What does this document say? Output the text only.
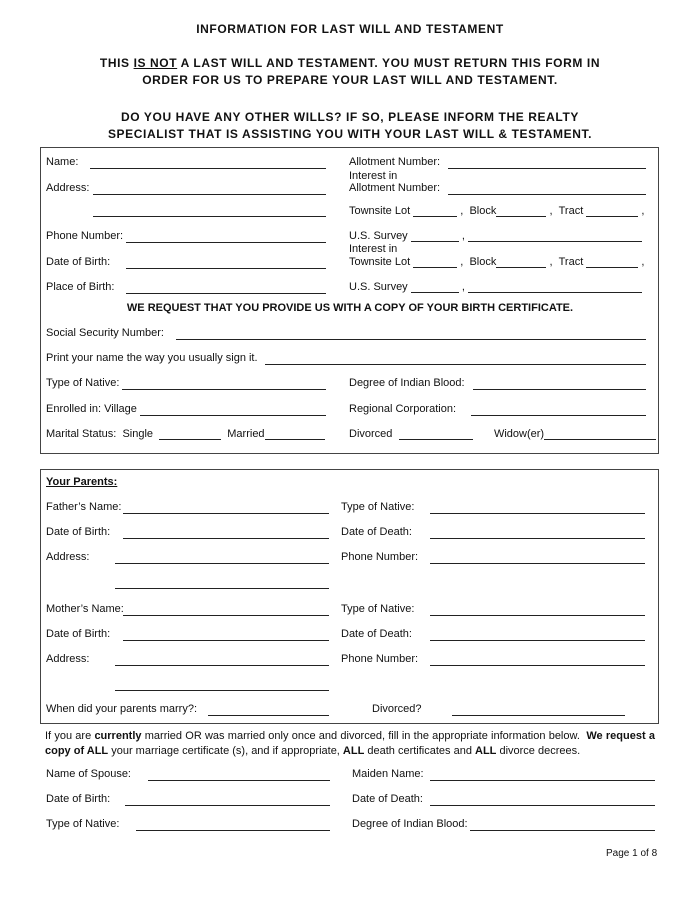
INFORMATION FOR LAST WILL AND TESTAMENT
THIS IS NOT A LAST WILL AND TESTAMENT. YOU MUST RETURN THIS FORM IN
ORDER FOR US TO PREPARE YOUR LAST WILL AND TESTAMENT.
DO YOU HAVE ANY OTHER WILLS? IF SO, PLEASE INFORM THE REALTY
SPECIALIST THAT IS ASSISTING YOU WITH YOUR LAST WILL & TESTAMENT.
Name:	Allotment Number:
Interest in
Address:	Allotment Number:
Townsite Lot	, Block	, Tract	,
Phone Number:	U.S. Survey	,
Interest in
Date of Birth:	Townsite Lot	, Block	, Tract	,
Place of Birth:	U.S. Survey	,
WE REQUEST THAT YOU PROVIDE US WITH A COPY OF YOUR BIRTH CERTIFICATE.
Social Security Number:
Print your name the way you usually sign it.
Type of Native:	Degree of Indian Blood:
Enrolled in: Village	Regional Corporation:
Marital Status: Single	Married	Divorced	Widow(er)
Your Parents:
Father’s Name:	Type of Native:
Date of Birth:	Date of Death:
Address:	Phone Number:
Mother’s Name:	Type of Native:
Date of Birth:	Date of Death:
Address:	Phone Number:
When did your parents marry?:	Divorced?
If you are currently married OR was married only once and divorced, fill in the appropriate information below. We request a copy of ALL your marriage certificate (s), and if appropriate, ALL death certificates and ALL divorce decrees.
Name of Spouse:	Maiden Name:
Date of Birth:	Date of Death:
Type of Native:	Degree of Indian Blood:
Page 1 of 8
